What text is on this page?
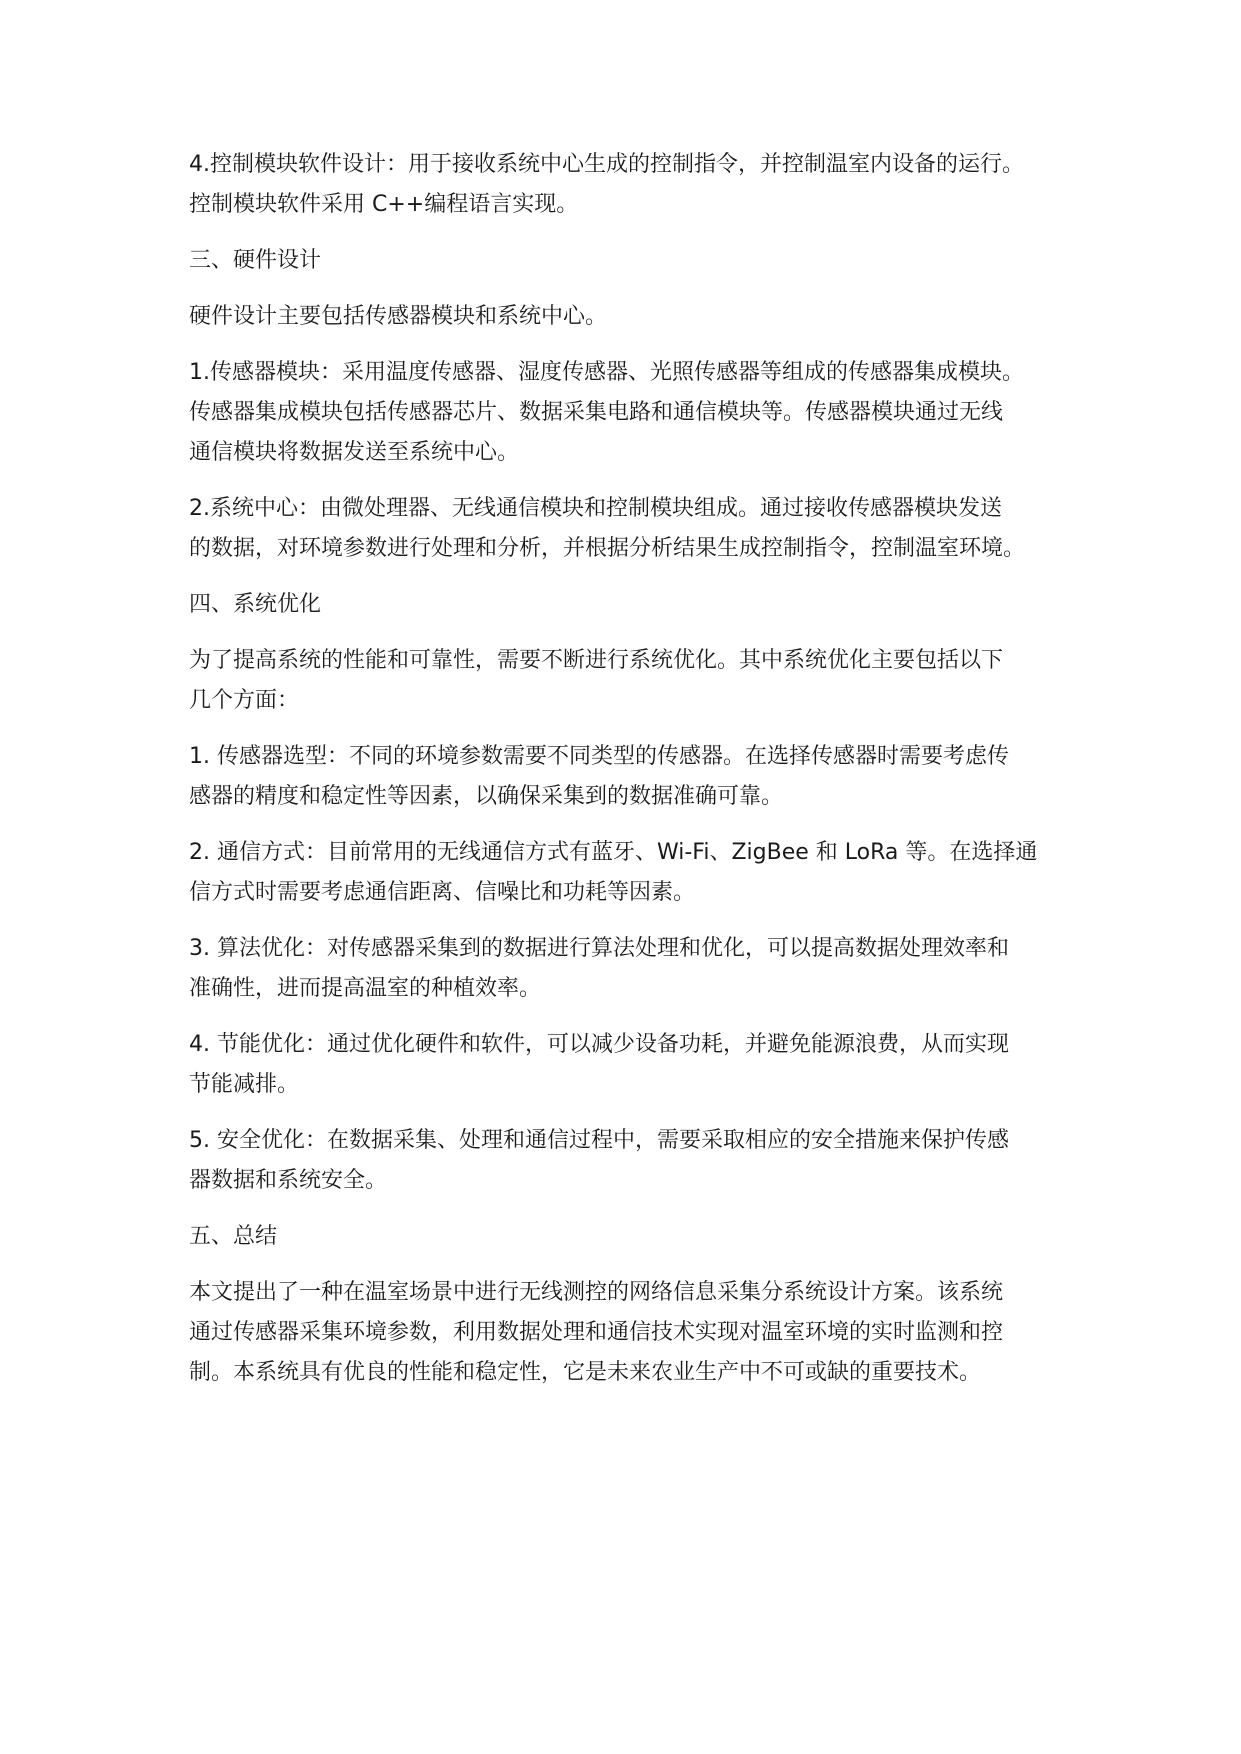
4.控制模块软件设计：用于接收系统中心生成的控制指令，并控制温室内设备的运行。
控制模块软件采用 C++编程语言实现。

三、硬件设计

硬件设计主要包括传感器模块和系统中心。

1.传感器模块：采用温度传感器、湿度传感器、光照传感器等组成的传感器集成模块。
传感器集成模块包括传感器芯片、数据采集电路和通信模块等。传感器模块通过无线
通信模块将数据发送至系统中心。

2.系统中心：由微处理器、无线通信模块和控制模块组成。通过接收传感器模块发送
的数据，对环境参数进行处理和分析，并根据分析结果生成控制指令，控制温室环境。

四、系统优化

为了提高系统的性能和可靠性，需要不断进行系统优化。其中系统优化主要包括以下
几个方面：

1. 传感器选型：不同的环境参数需要不同类型的传感器。在选择传感器时需要考虑传
感器的精度和稳定性等因素，以确保采集到的数据准确可靠。

2. 通信方式：目前常用的无线通信方式有蓝牙、Wi-Fi、ZigBee 和 LoRa 等。在选择通
信方式时需要考虑通信距离、信噪比和功耗等因素。

3. 算法优化：对传感器采集到的数据进行算法处理和优化，可以提高数据处理效率和
准确性，进而提高温室的种植效率。

4. 节能优化：通过优化硬件和软件，可以减少设备功耗，并避免能源浪费，从而实现
节能减排。

5. 安全优化：在数据采集、处理和通信过程中，需要采取相应的安全措施来保护传感
器数据和系统安全。

五、总结

本文提出了一种在温室场景中进行无线测控的网络信息采集分系统设计方案。该系统
通过传感器采集环境参数，利用数据处理和通信技术实现对温室环境的实时监测和控
制。本系统具有优良的性能和稳定性，它是未来农业生产中不可或缺的重要技术。
